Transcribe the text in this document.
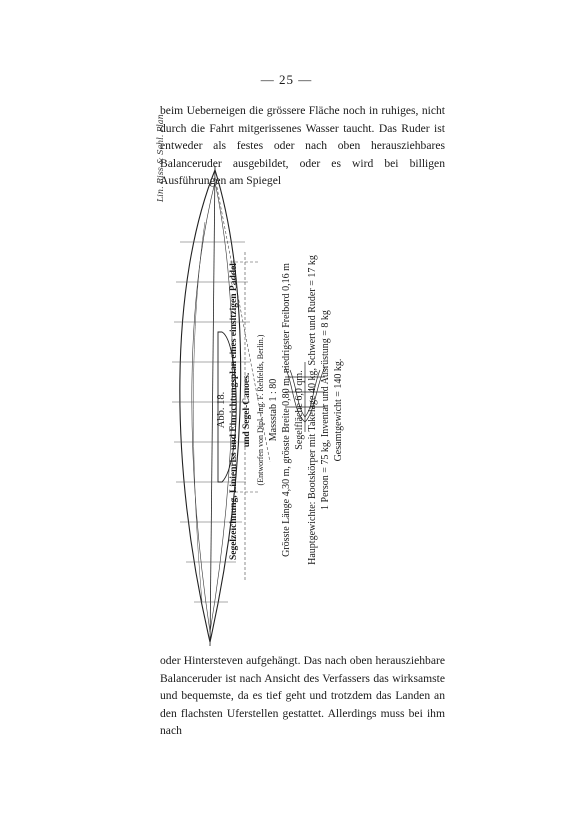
— 25 —

beim Ueberneigen die grössere Fläche noch in ruhiges, nicht durch die Fahrt mitgerissenes Wasser taucht. Das Ruder ist entweder als festes oder nach oben herausziehbares Balanceruder ausgebildet, oder es wird bei billigen Ausführungen am Spiegel

Lin. Riss & Schl. Plan
Abb. 18. Segelzeichnung, Linienriss und Einrichtungsplan eines einsitzigen Paddel- und Segel-Canoes. (Entworfen von Dipl.-Ing. F. Rehfelds, Berlin.) Massstab 1 : 80 Grösste Länge 4,30 m, grösste Breite 0,80 m, niedrigster Freibord 0,16 m Segelfläche 6,0 qm. Hauptgewichte: Bootskörper mit Takelage 40 kg, Schwert und Ruder = 17 kg 1 Person = 75 kg, Inventar und Ausrüstung = 8 kg Gesamtgewicht = 140 kg.

oder Hintersteven aufgehängt. Das nach oben herausziehbare Balanceruder ist nach Ansicht des Verfassers das wirksamste und bequemste, da es tief geht und trotzdem das Landen an den flachsten Uferstellen gestattet. Allerdings muss bei ihm nach
